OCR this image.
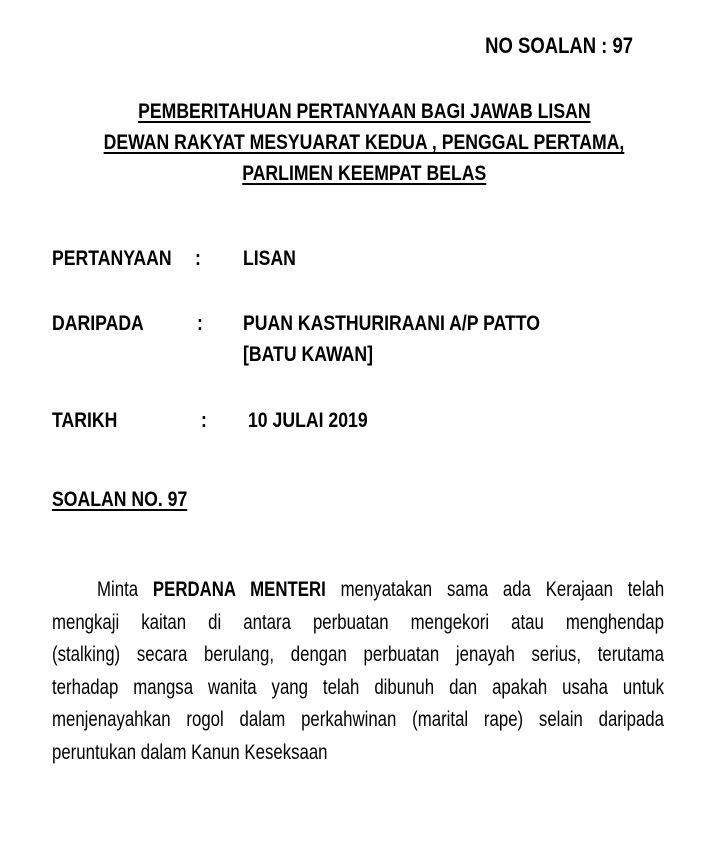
NO SOALAN : 97
PEMBERITAHUAN PERTANYAAN BAGI JAWAB LISAN
DEWAN RAKYAT MESYUARAT KEDUA , PENGGAL PERTAMA,
PARLIMEN KEEMPAT BELAS
PERTANYAAN	: LISAN
DARIPADA	: PUAN KASTHURIRAANI A/P PATTO
[BATU KAWAN]
TARIKH	: 10 JULAI 2019
SOALAN NO. 97
Minta PERDANA MENTERI menyatakan sama ada Kerajaan telah
mengkaji kaitan di antara perbuatan mengekori atau menghendap
(stalking) secara berulang, dengan perbuatan jenayah serius, terutama
terhadap mangsa wanita yang telah dibunuh dan apakah usaha untuk
menjenayahkan rogol dalam perkahwinan (marital rape) selain daripada
peruntukan dalam Kanun Keseksaan
